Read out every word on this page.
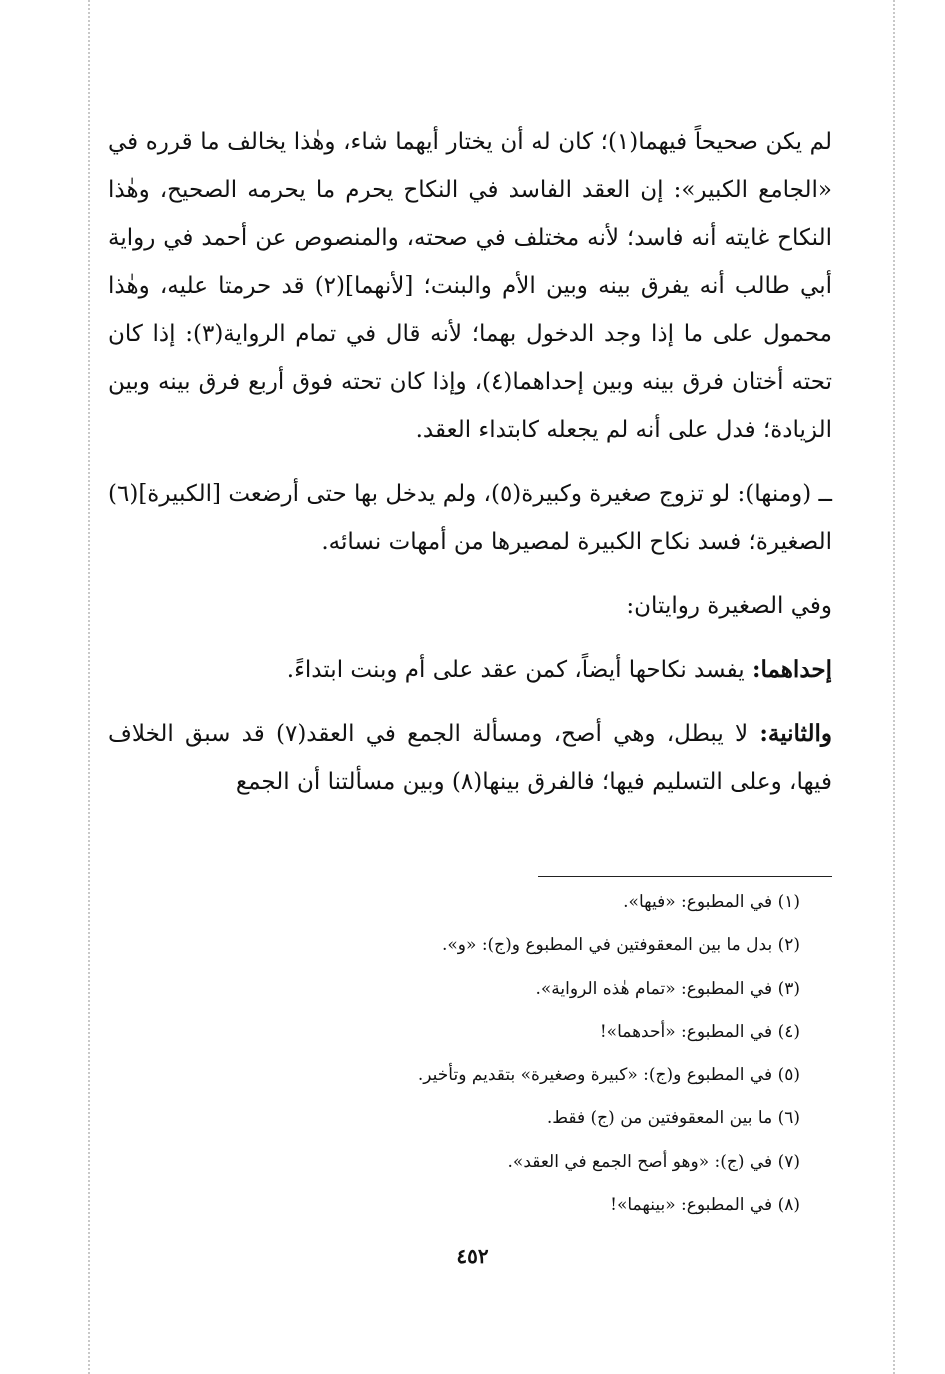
لم يكن صحيحاً فيهما(١)؛ كان له أن يختار أيهما شاء، وهٰذا يخالف ما قرره في «الجامع الكبير»: إن العقد الفاسد في النكاح يحرم ما يحرمه الصحيح، وهٰذا النكاح غايته أنه فاسد؛ لأنه مختلف في صحته، والمنصوص عن أحمد في رواية أبي طالب أنه يفرق بينه وبين الأم والبنت؛ [لأنهما](٢) قد حرمتا عليه، وهٰذا محمول على ما إذا وجد الدخول بهما؛ لأنه قال في تمام الرواية(٣): إذا كان تحته أختان فرق بينه وبين إحداهما(٤)، وإذا كان تحته فوق أربع فرق بينه وبين الزيادة؛ فدل على أنه لم يجعله كابتداء العقد.

ــ (ومنها): لو تزوج صغيرة وكبيرة(٥)، ولم يدخل بها حتى أرضعت [الكبيرة](٦) الصغيرة؛ فسد نكاح الكبيرة لمصيرها من أمهات نسائه.

وفي الصغيرة روايتان:

إحداهما: يفسد نكاحها أيضاً، كمن عقد على أم وبنت ابتداءً.

والثانية: لا يبطل، وهي أصح، ومسألة الجمع في العقد(٧) قد سبق الخلاف فيها، وعلى التسليم فيها؛ فالفرق بينها(٨) وبين مسألتنا أن الجمع

(١) في المطبوع: «فيها».
(٢) بدل ما بين المعقوفتين في المطبوع و(ج): «و».
(٣) في المطبوع: «تمام هٰذه الرواية».
(٤) في المطبوع: «أحدهما»!
(٥) في المطبوع و(ج): «كبيرة وصغيرة» بتقديم وتأخير.
(٦) ما بين المعقوفتين من (ج) فقط.
(٧) في (ج): «وهو أصح الجمع في العقد».
(٨) في المطبوع: «بينهما»!
٤٥٢
